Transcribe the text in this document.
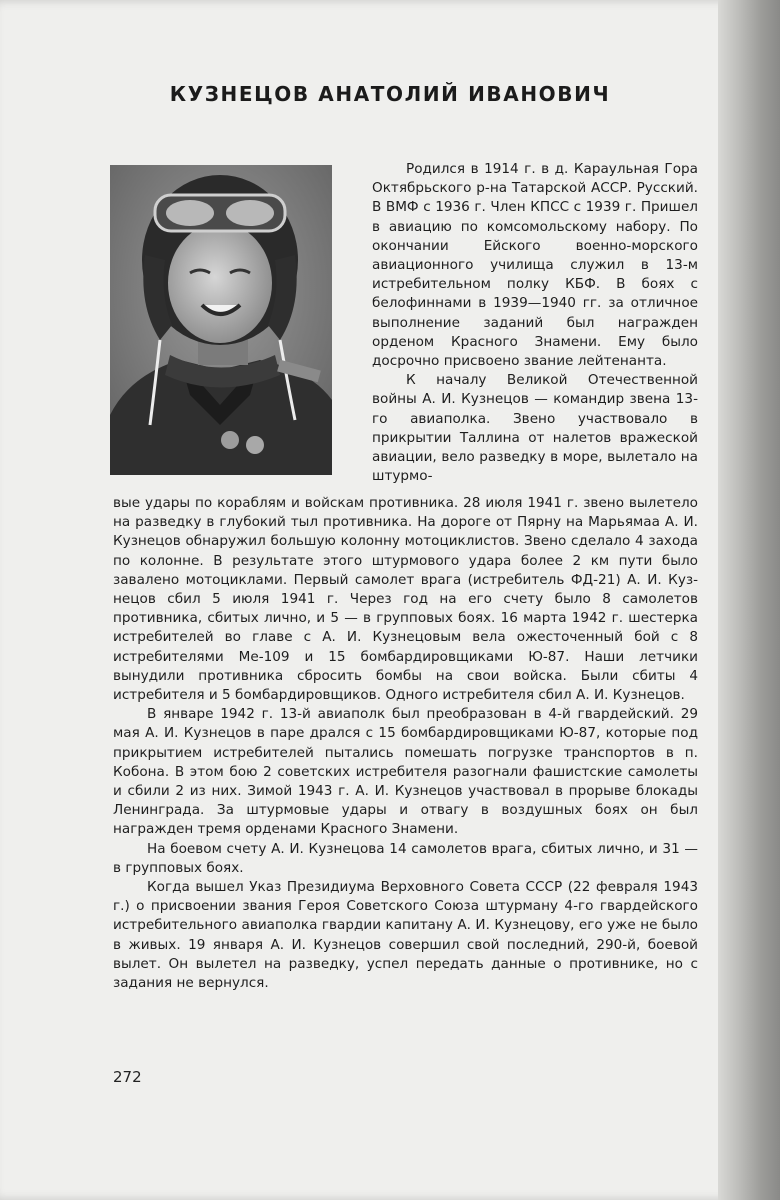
КУЗНЕЦОВ АНАТОЛИЙ ИВАНОВИЧ

Родился в 1914 г. в д. Караульная Гора Октябрьского р-на Татарской АССР. Русский. В ВМФ с 1936 г. Член КПСС с 1939 г. Пришел в авиацию по комсомольскому набору. По окончании Ейского военно-морского авиационного училища служил в 13-м истребительном полку КБФ. В боях с белофиннами в 1939—1940 гг. за отличное выполнение заданий был награжден орденом Красного Знамени. Ему было досрочно присвоено звание лейтенанта.

К началу Великой Отечественной войны А. И. Кузнецов — командир звена 13-го авиаполка. Звено участвовало в прикрытии Таллина от налетов вражеской авиации, вело разведку в море, вылетало на штурмо-

вые удары по кораблям и войскам противника. 28 июля 1941 г. звено вылетело на разведку в глубокий тыл противника. На дороге от Пярну на Марьямаа А. И. Кузнецов обнаружил большую колонну мотоциклистов. Звено сделало 4 захода по колонне. В результате этого штурмового удара более 2 км пути было завалено мотоциклами. Первый самолет врага (истребитель ФД-21) А. И. Кузнецов сбил 5 июля 1941 г. Через год на его счету было 8 самолетов противника, сбитых лично, и 5 — в групповых боях. 16 марта 1942 г. шестерка истребителей во главе с А. И. Кузнецовым вела ожесточенный бой с 8 истребителями Ме-109 и 15 бомбардировщиками Ю-87. Наши летчики вынудили противника сбросить бомбы на свои войска. Были сбиты 4 истребителя и 5 бомбардировщиков. Одного истребителя сбил А. И. Кузнецов.

В январе 1942 г. 13-й авиаполк был преобразован в 4-й гвардейский. 29 мая А. И. Кузнецов в паре дрался с 15 бомбардировщиками Ю-87, которые под прикрытием истребителей пытались помешать погрузке транспортов в п. Кобона. В этом бою 2 советских истребителя разогнали фашистские самолеты и сбили 2 из них. Зимой 1943 г. А. И. Кузнецов участвовал в прорыве блокады Ленинграда. За штурмовые удары и отвагу в воздушных боях он был награжден тремя орденами Красного Знамени.

На боевом счету А. И. Кузнецова 14 самолетов врага, сбитых лично, и 31 — в групповых боях.

Когда вышел Указ Президиума Верховного Совета СССР (22 февраля 1943 г.) о присвоении звания Героя Советского Союза штурману 4-го гвардейского истребительного авиаполка гвардии капитану А. И. Кузнецову, его уже не было в живых. 19 января А. И. Кузнецов совершил свой последний, 290-й, боевой вылет. Он вылетел на разведку, успел передать данные о противнике, но с задания не вернулся.

272
